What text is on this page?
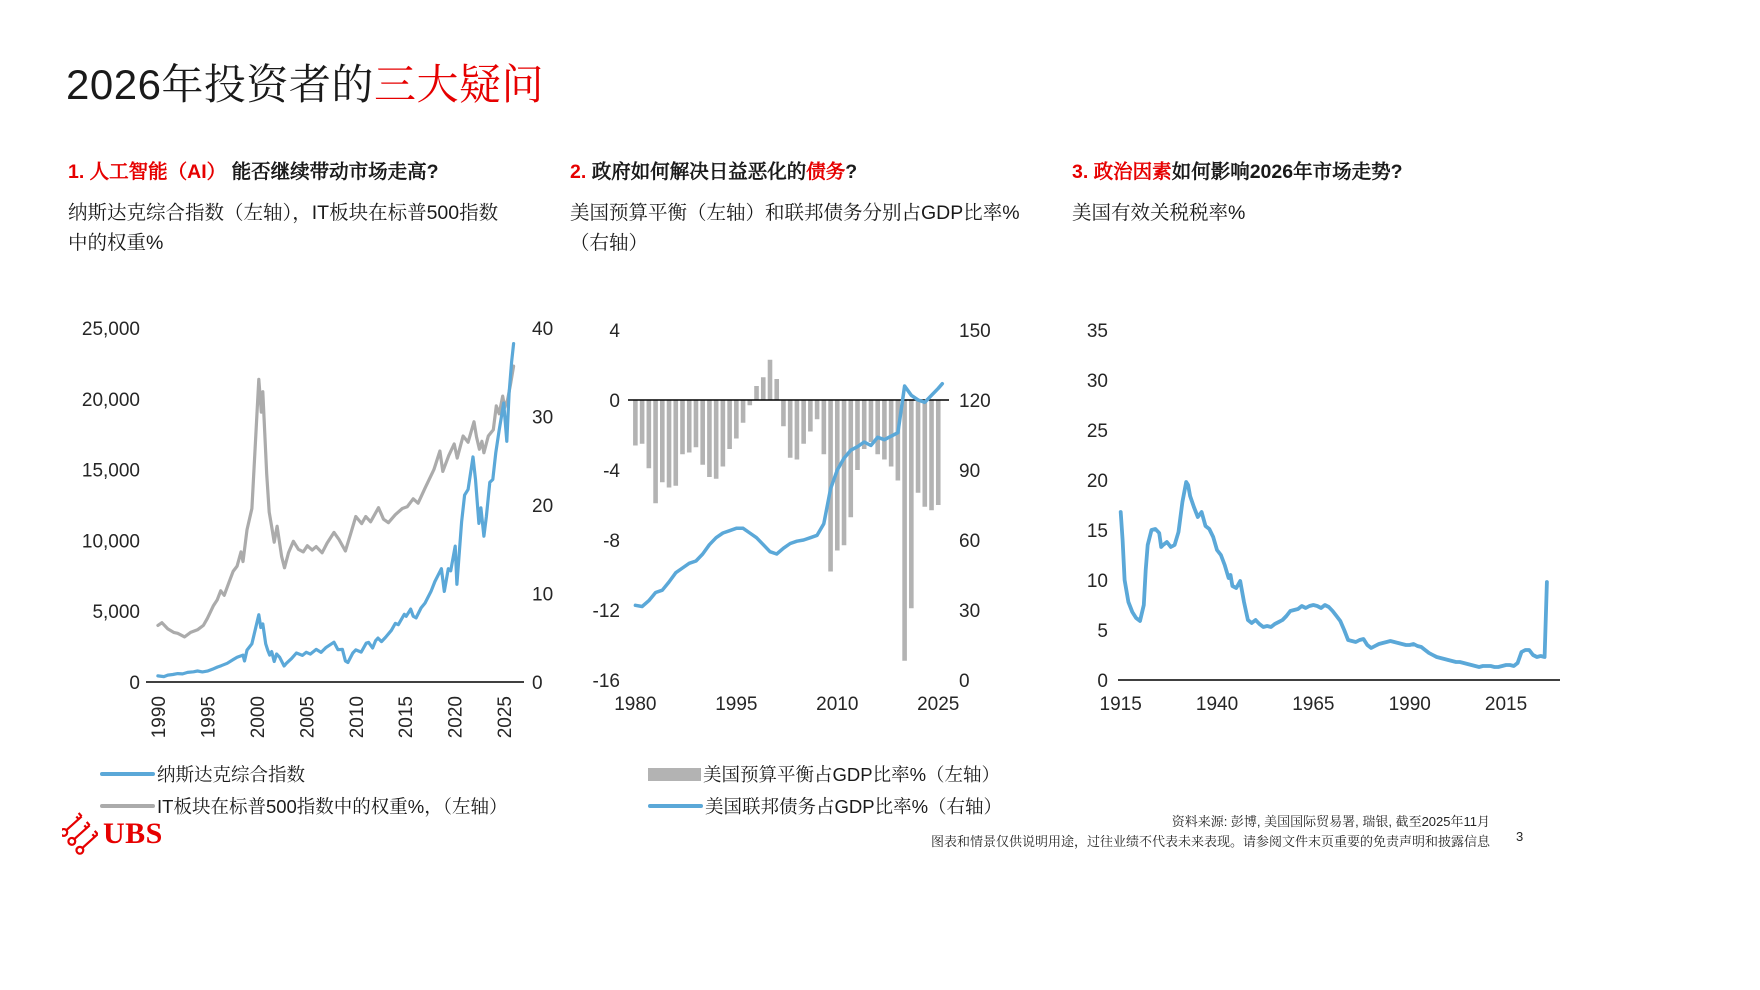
2026年投资者的三大疑问
1. 人工智能（AI） 能否继续带动市场走高?
纳斯达克综合指数（左轴），IT板块在标普500指数中的权重%
2. 政府如何解决日益恶化的债务?
美国预算平衡（左轴）和联邦债务分别占GDP比率%（右轴）
3. 政治因素如何影响2026年市场走势?
美国有效关税税率%
0
5,000
10,000
15,000
20,000
25,000
0
10
20
30
40
1990 1995 2000 2005 2010 2015 2020 2025
4
0
-4
-8
-12
-16
150
120
90
60
30
0
1980	1995	2010	2025
35
30
25
20
15
10
5
0
1915	1940	1965	1990	2015
纳斯达克综合指数
IT板块在标普500指数中的权重%，（左轴）
美国预算平衡占GDP比率%（左轴）
美国联邦债务占GDP比率%（右轴）
UBS	资料来源: 彭博, 美国国际贸易署, 瑞银, 截至2025年11月
图表和情景仅供说明用途，过往业绩不代表未来表现。请参阅文件末页重要的免责声明和披露信息 3
